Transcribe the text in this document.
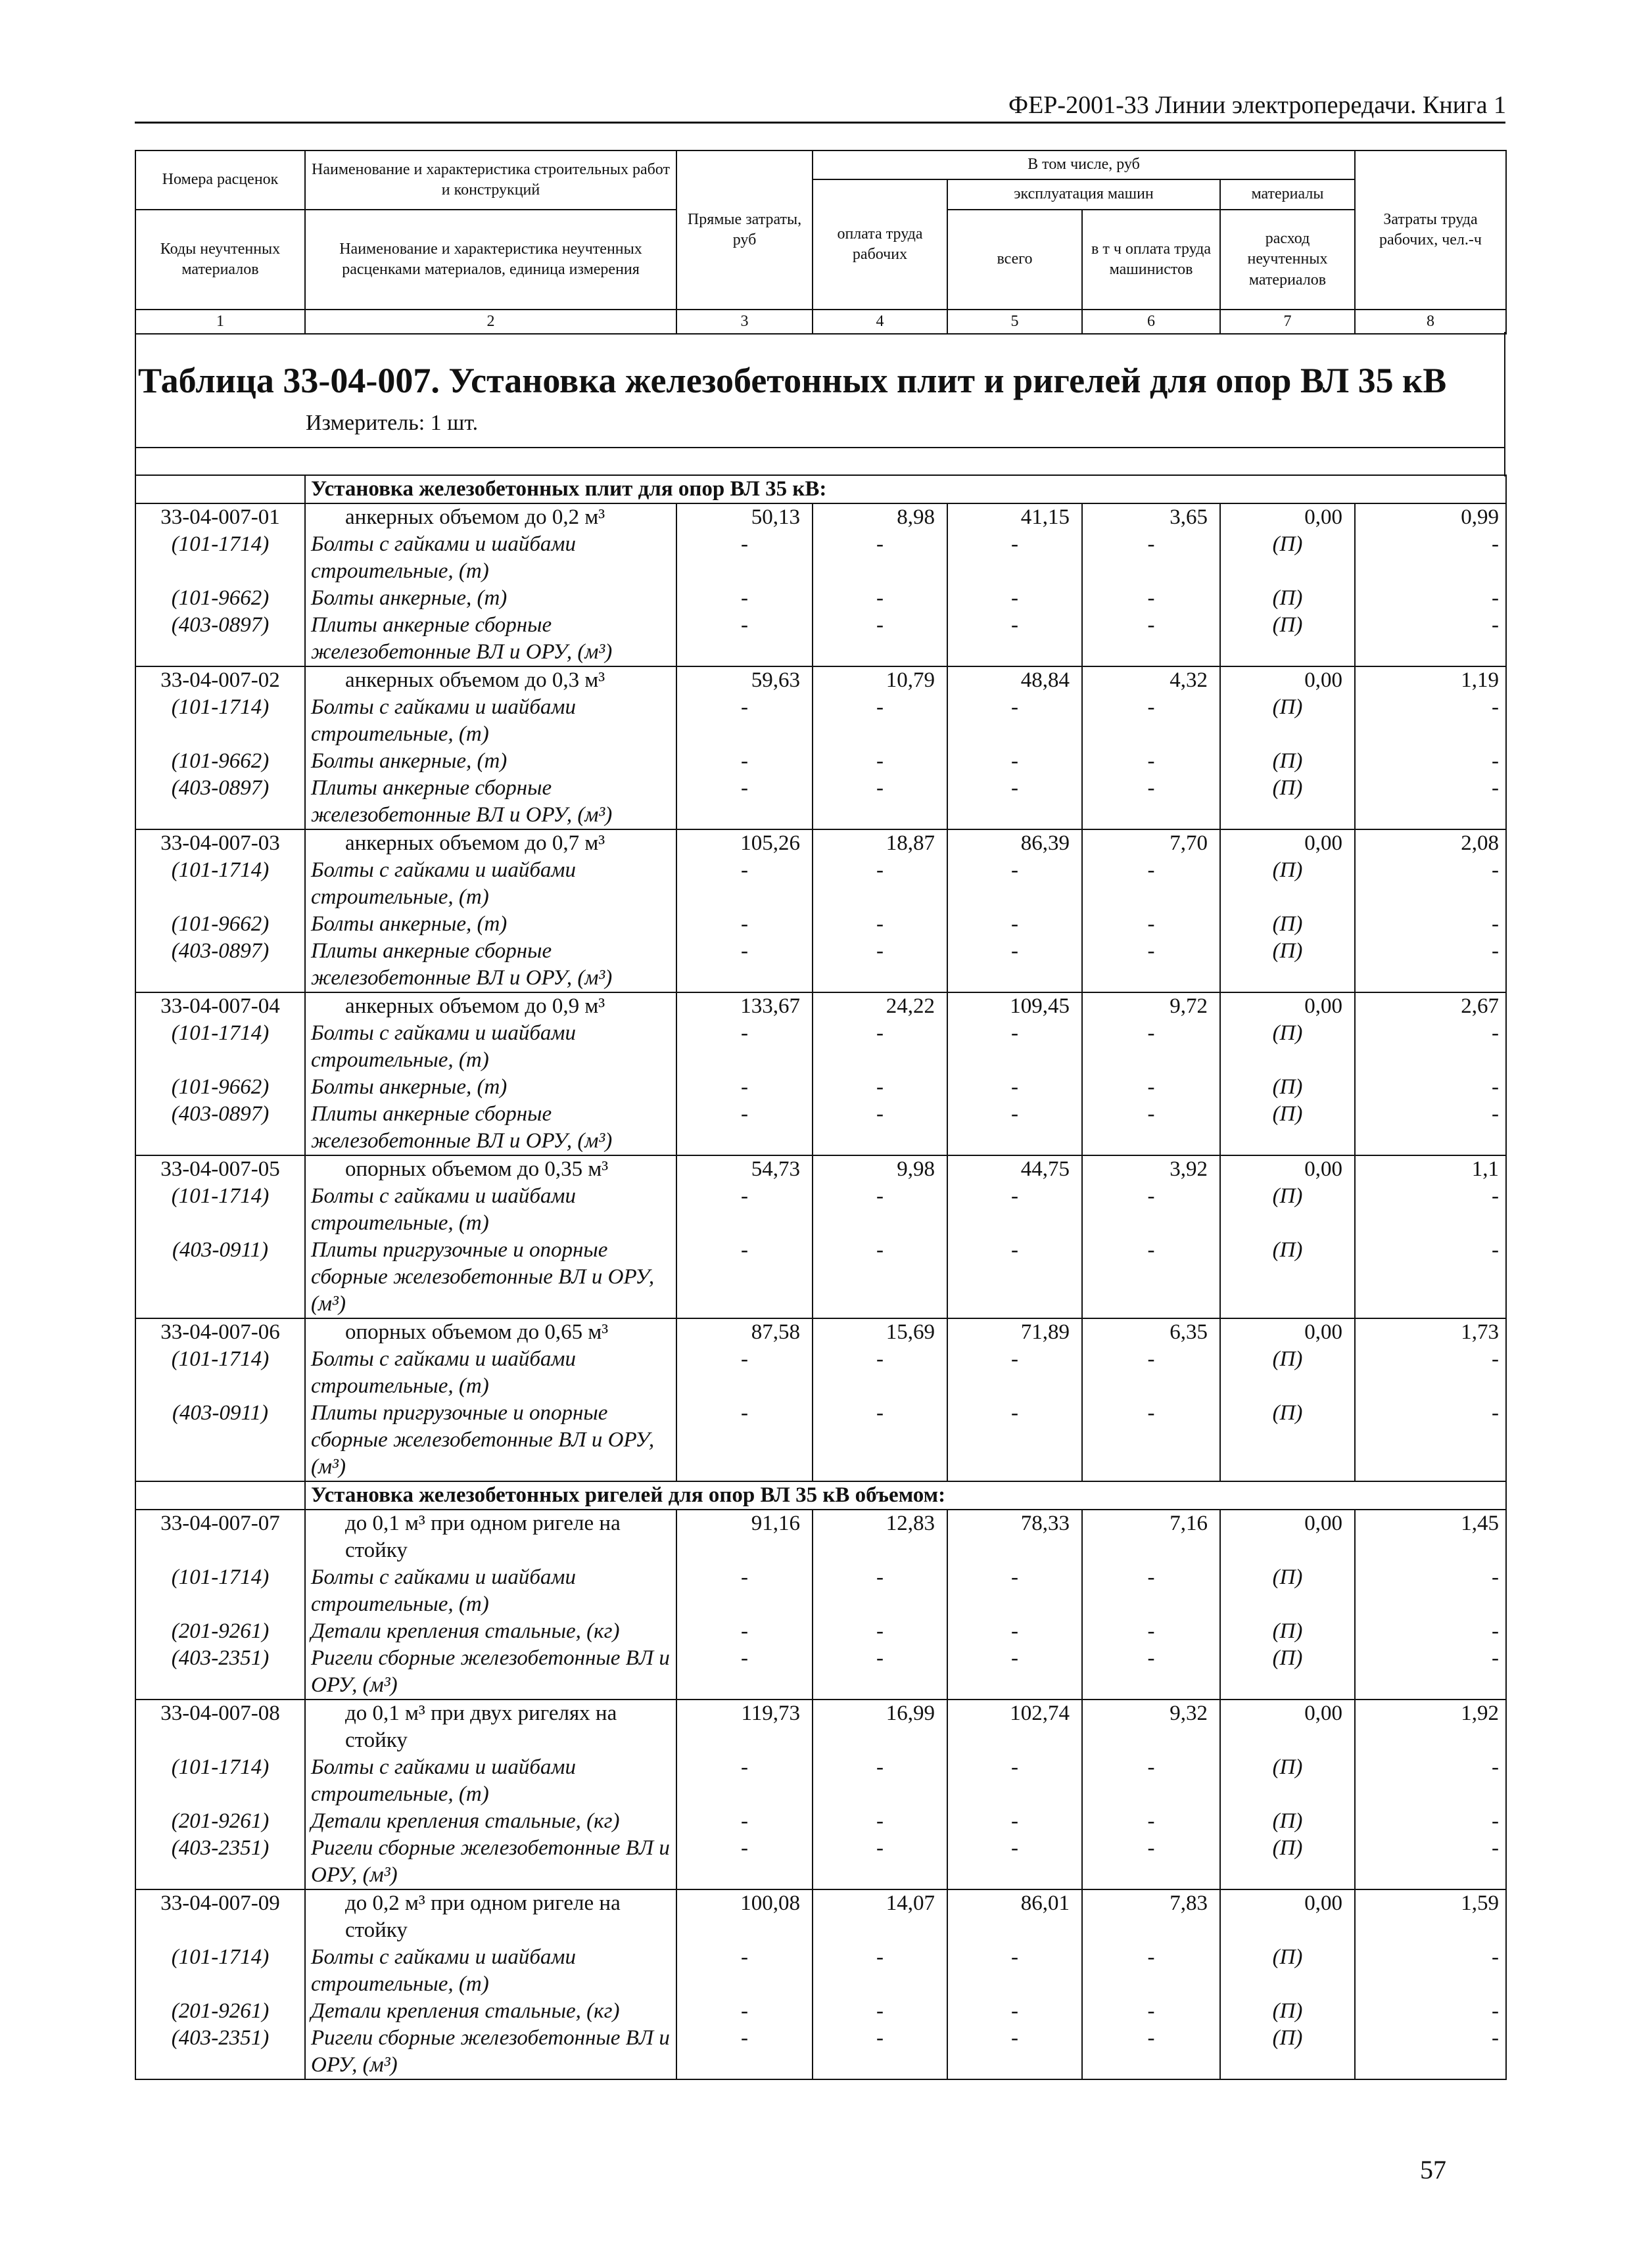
ФЕР-2001-33 Линии электропередачи. Книга 1
Номера расценок	Наименование и характеристика строительных работ и конструкций	Прямые затраты, руб	В том числе, руб				Затраты труда рабочих, чел.-ч
			оплата труда рабочих	эксплуатация машин		материалы	
Коды неучтенных материалов	Наименование и характеристика неучтенных расценками материалов, единица измерения			всего	в т ч оплата труда машинистов	расход неучтенных материалов	

1	2	3	4	5	6	7	8
Таблица 33-04-007. Установка железобетонных плит и ригелей для опор ВЛ 35 кВ
Измеритель: 1 шт.
	Установка железобетонных плит для опор ВЛ 35 кВ:						
33-04-007-01	анкерных объемом до 0,2 м³	50,13	8,98	41,15	3,65	0,00	0,99
(101-1714)	Болты с гайками и шайбами строительные, (т)	-	-	-	-	(П)	-
(101-9662)	Болты анкерные, (т)	-	-	-	-	(П)	-
(403-0897)	Плиты анкерные сборные железобетонные ВЛ и ОРУ, (м³)	-	-	-	-	(П)	-
33-04-007-02	анкерных объемом до 0,3 м³	59,63	10,79	48,84	4,32	0,00	1,19
(101-1714)	Болты с гайками и шайбами строительные, (т)	-	-	-	-	(П)	-
(101-9662)	Болты анкерные, (т)	-	-	-	-	(П)	-
(403-0897)	Плиты анкерные сборные железобетонные ВЛ и ОРУ, (м³)	-	-	-	-	(П)	-
33-04-007-03	анкерных объемом до 0,7 м³	105,26	18,87	86,39	7,70	0,00	2,08
(101-1714)	Болты с гайками и шайбами строительные, (т)	-	-	-	-	(П)	-
(101-9662)	Болты анкерные, (т)	-	-	-	-	(П)	-
(403-0897)	Плиты анкерные сборные железобетонные ВЛ и ОРУ, (м³)	-	-	-	-	(П)	-
33-04-007-04	анкерных объемом до 0,9 м³	133,67	24,22	109,45	9,72	0,00	2,67
(101-1714)	Болты с гайками и шайбами строительные, (т)	-	-	-	-	(П)	-
(101-9662)	Болты анкерные, (т)	-	-	-	-	(П)	-
(403-0897)	Плиты анкерные сборные железобетонные ВЛ и ОРУ, (м³)	-	-	-	-	(П)	-
33-04-007-05	опорных объемом до 0,35 м³	54,73	9,98	44,75	3,92	0,00	1,1
(101-1714)	Болты с гайками и шайбами строительные, (т)	-	-	-	-	(П)	-
(403-0911)	Плиты пригрузочные и опорные сборные железобетонные ВЛ и ОРУ, (м³)	-	-	-	-	(П)	-
33-04-007-06	опорных объемом до 0,65 м³	87,58	15,69	71,89	6,35	0,00	1,73
(101-1714)	Болты с гайками и шайбами строительные, (т)	-	-	-	-	(П)	-
(403-0911)	Плиты пригрузочные и опорные сборные железобетонные ВЛ и ОРУ, (м³)	-	-	-	-	(П)	-
	Установка железобетонных ригелей для опор ВЛ 35 кВ объемом:						
33-04-007-07	до 0,1 м³ при одном ригеле на стойку	91,16	12,83	78,33	7,16	0,00	1,45
(101-1714)	Болты с гайками и шайбами строительные, (т)	-	-	-	-	(П)	-
(201-9261)	Детали крепления стальные, (кг)	-	-	-	-	(П)	-
(403-2351)	Ригели сборные железобетонные ВЛ и ОРУ, (м³)	-	-	-	-	(П)	-
33-04-007-08	до 0,1 м³ при двух ригелях на стойку	119,73	16,99	102,74	9,32	0,00	1,92
(101-1714)	Болты с гайками и шайбами строительные, (т)	-	-	-	-	(П)	-
(201-9261)	Детали крепления стальные, (кг)	-	-	-	-	(П)	-
(403-2351)	Ригели сборные железобетонные ВЛ и ОРУ, (м³)	-	-	-	-	(П)	-
33-04-007-09	до 0,2 м³ при одном ригеле на стойку	100,08	14,07	86,01	7,83	0,00	1,59
(101-1714)	Болты с гайками и шайбами строительные, (т)	-	-	-	-	(П)	-
(201-9261)	Детали крепления стальные, (кг)	-	-	-	-	(П)	-
(403-2351)	Ригели сборные железобетонные ВЛ и ОРУ, (м³)	-	-	-	-	(П)	-
57
